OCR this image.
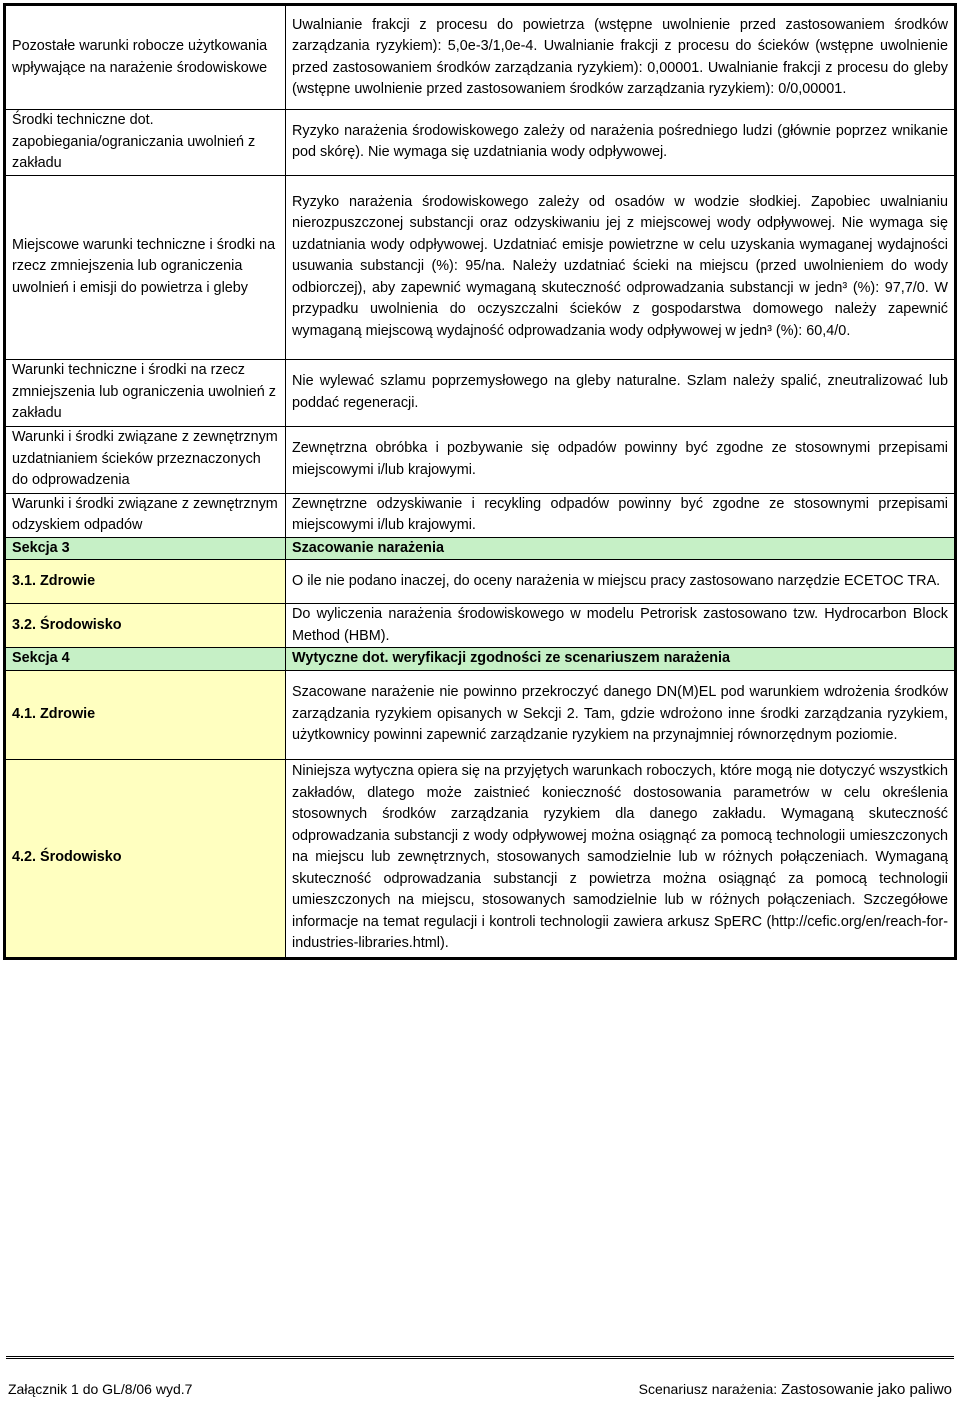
Pozostałe warunki robocze użytkowania wpływające na narażenie środowiskowe	Uwalnianie frakcji z procesu do powietrza (wstępne uwolnienie przed zastosowaniem środków zarządzania ryzykiem): 5,0e-3/1,0e-4. Uwalnianie frakcji z procesu do ścieków (wstępne uwolnienie przed zastosowaniem środków zarządzania ryzykiem): 0,00001. Uwalnianie frakcji z procesu do gleby (wstępne uwolnienie przed zastosowaniem środków zarządzania ryzykiem): 0/0,00001.
Środki techniczne dot. zapobiegania/ograniczania uwolnień z zakładu	Ryzyko narażenia środowiskowego zależy od narażenia pośredniego ludzi (głównie poprzez wnikanie pod skórę). Nie wymaga się uzdatniania wody odpływowej.
Miejscowe warunki techniczne i środki na rzecz zmniejszenia lub ograniczenia uwolnień i emisji do powietrza i gleby	Ryzyko narażenia środowiskowego zależy od osadów w wodzie słodkiej. Zapobiec uwalnianiu nierozpuszczonej substancji oraz odzyskiwaniu jej z miejscowej wody odpływowej. Nie wymaga się uzdatniania wody odpływowej. Uzdatniać emisje powietrzne w celu uzyskania wymaganej wydajności usuwania substancji (%): 95/na. Należy uzdatniać ścieki na miejscu (przed uwolnieniem do wody odbiorczej), aby zapewnić wymaganą skuteczność odprowadzania substancji w jedn³ (%): 97,7/0. W przypadku uwolnienia do oczyszczalni ścieków z gospodarstwa domowego należy zapewnić wymaganą miejscową wydajność odprowadzania wody odpływowej w jedn³ (%): 60,4/0.
Warunki techniczne i środki na rzecz zmniejszenia lub ograniczenia uwolnień z zakładu	Nie wylewać szlamu poprzemysłowego na gleby naturalne. Szlam należy spalić, zneutralizować lub poddać regeneracji.
Warunki i środki związane z zewnętrznym uzdatnianiem ścieków przeznaczonych do odprowadzenia	Zewnętrzna obróbka i pozbywanie się odpadów powinny być zgodne ze stosownymi przepisami miejscowymi i/lub krajowymi.
Warunki i środki związane z zewnętrznym odzyskiem odpadów	Zewnętrzne odzyskiwanie i recykling odpadów powinny być zgodne ze stosownymi przepisami miejscowymi i/lub krajowymi.
Sekcja 3	Szacowanie narażenia
3.1. Zdrowie	O ile nie podano inaczej, do oceny narażenia w miejscu pracy zastosowano narzędzie ECETOC TRA.
3.2. Środowisko	Do wyliczenia narażenia środowiskowego w modelu Petrorisk zastosowano tzw. Hydrocarbon Block Method (HBM).
Sekcja 4	Wytyczne dot. weryfikacji zgodności ze scenariuszem narażenia
4.1. Zdrowie	Szacowane narażenie nie powinno przekroczyć danego DN(M)EL pod warunkiem wdrożenia środków zarządzania ryzykiem opisanych w Sekcji 2. Tam, gdzie wdrożono inne środki zarządzania ryzykiem, użytkownicy powinni zapewnić zarządzanie ryzykiem na przynajmniej równorzędnym poziomie.
4.2. Środowisko	Niniejsza wytyczna opiera się na przyjętych warunkach roboczych, które mogą nie dotyczyć wszystkich zakładów, dlatego może zaistnieć konieczność dostosowania parametrów w celu określenia stosownych środków zarządzania ryzykiem dla danego zakładu. Wymaganą skuteczność odprowadzania substancji z wody odpływowej można osiągnąć za pomocą technologii umieszczonych na miejscu lub zewnętrznych, stosowanych samodzielnie lub w różnych połączeniach. Wymaganą skuteczność odprowadzania substancji z powietrza można osiągnąć za pomocą technologii umieszczonych na miejscu, stosowanych samodzielnie lub w różnych połączeniach. Szczegółowe informacje na temat regulacji i kontroli technologii zawiera arkusz SpERC (http://cefic.org/en/reach-for-industries-libraries.html).
Załącznik 1 do GL/8/06 wyd.7	Scenariusz narażenia: Zastosowanie jako paliwo
